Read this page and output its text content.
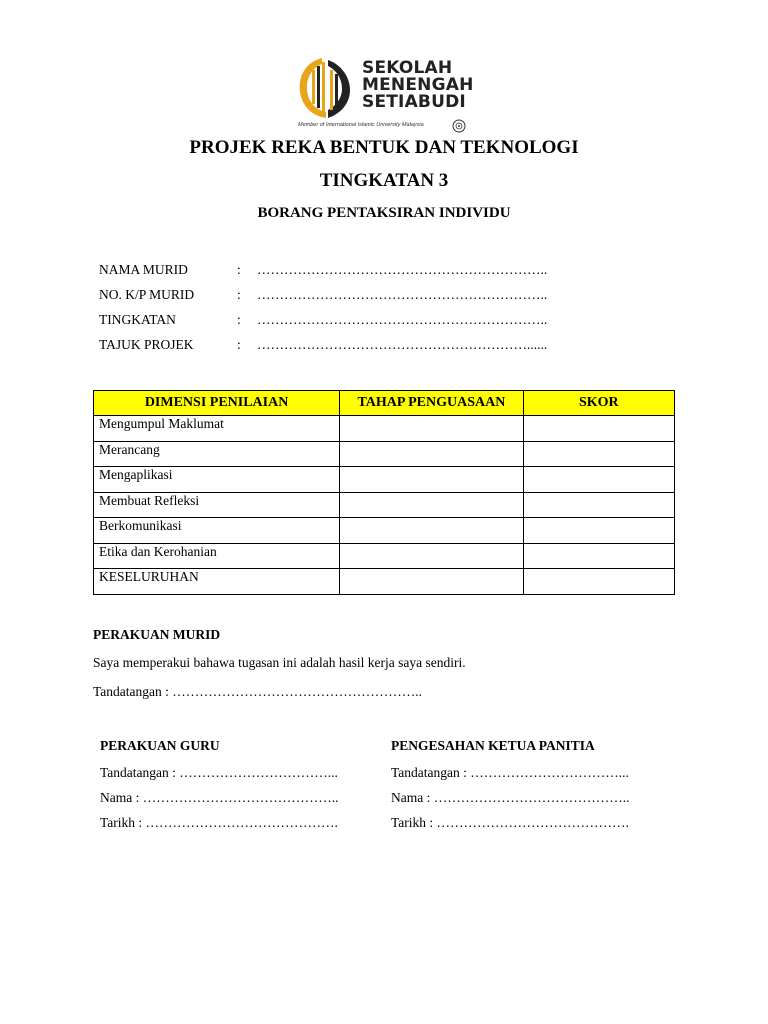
SEKOLAH
MENENGAH
SETIABUDI
Member of International Islamic University Malaysia
PROJEK REKA BENTUK DAN TEKNOLOGI
TINGKATAN 3
BORANG PENTAKSIRAN INDIVIDU
NAMA MURID	: ………………………………………………………..
NO. K/P MURID	: ………………………………………………………..
TINGKATAN	: ………………………………………………………..
TAJUK PROJEK	: ……………………………………………………......
DIMENSI PENILAIAN	TAHAP PENGUASAAN	SKOR
Mengumpul Maklumat		
Merancang		
Mengaplikasi		
Membuat Refleksi		
Berkomunikasi		
Etika dan Kerohanian		
KESELURUHAN		
PERAKUAN MURID
Saya memperakui bahawa tugasan ini adalah hasil kerja saya sendiri.
Tandatangan : ………………………………………………..
PERAKUAN GURU
Tandatangan : ……………………………...
Nama : ……………………………………..
Tarikh : …………………………………….
PENGESAHAN KETUA PANITIA
Tandatangan : ……………………………...
Nama : ……………………………………..
Tarikh : …………………………………….
